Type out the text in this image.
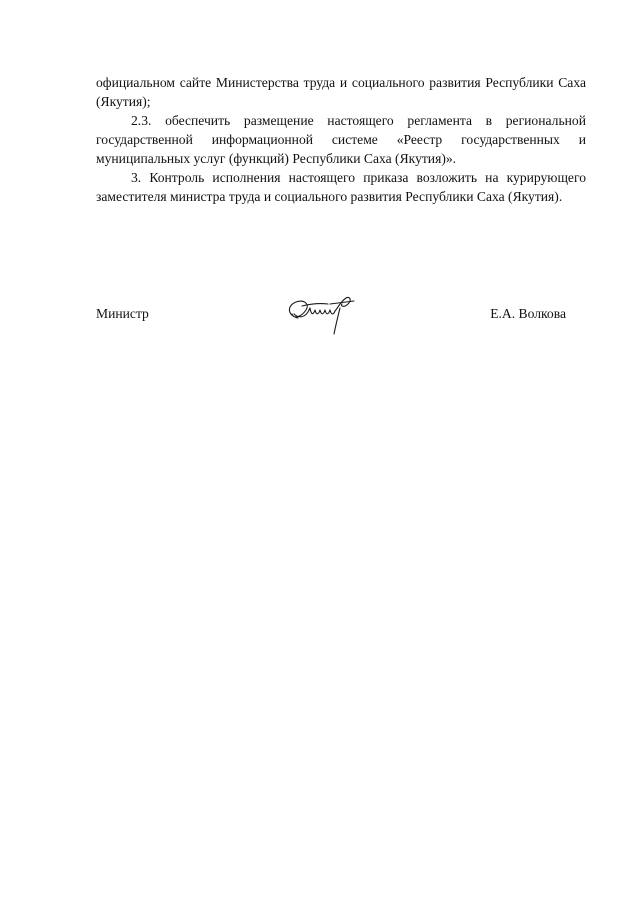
официальном сайте Министерства труда и социального развития Республики Саха
(Якутия);
2.3. обеспечить размещение настоящего регламента в региональной
государственной информационной системе «Реестр государственных и
муниципальных услуг (функций) Республики Саха (Якутия)».
3. Контроль исполнения настоящего приказа возложить на курирующего
заместителя министра труда и социального развития Республики Саха (Якутия).
Министр	Е.А. Волкова
